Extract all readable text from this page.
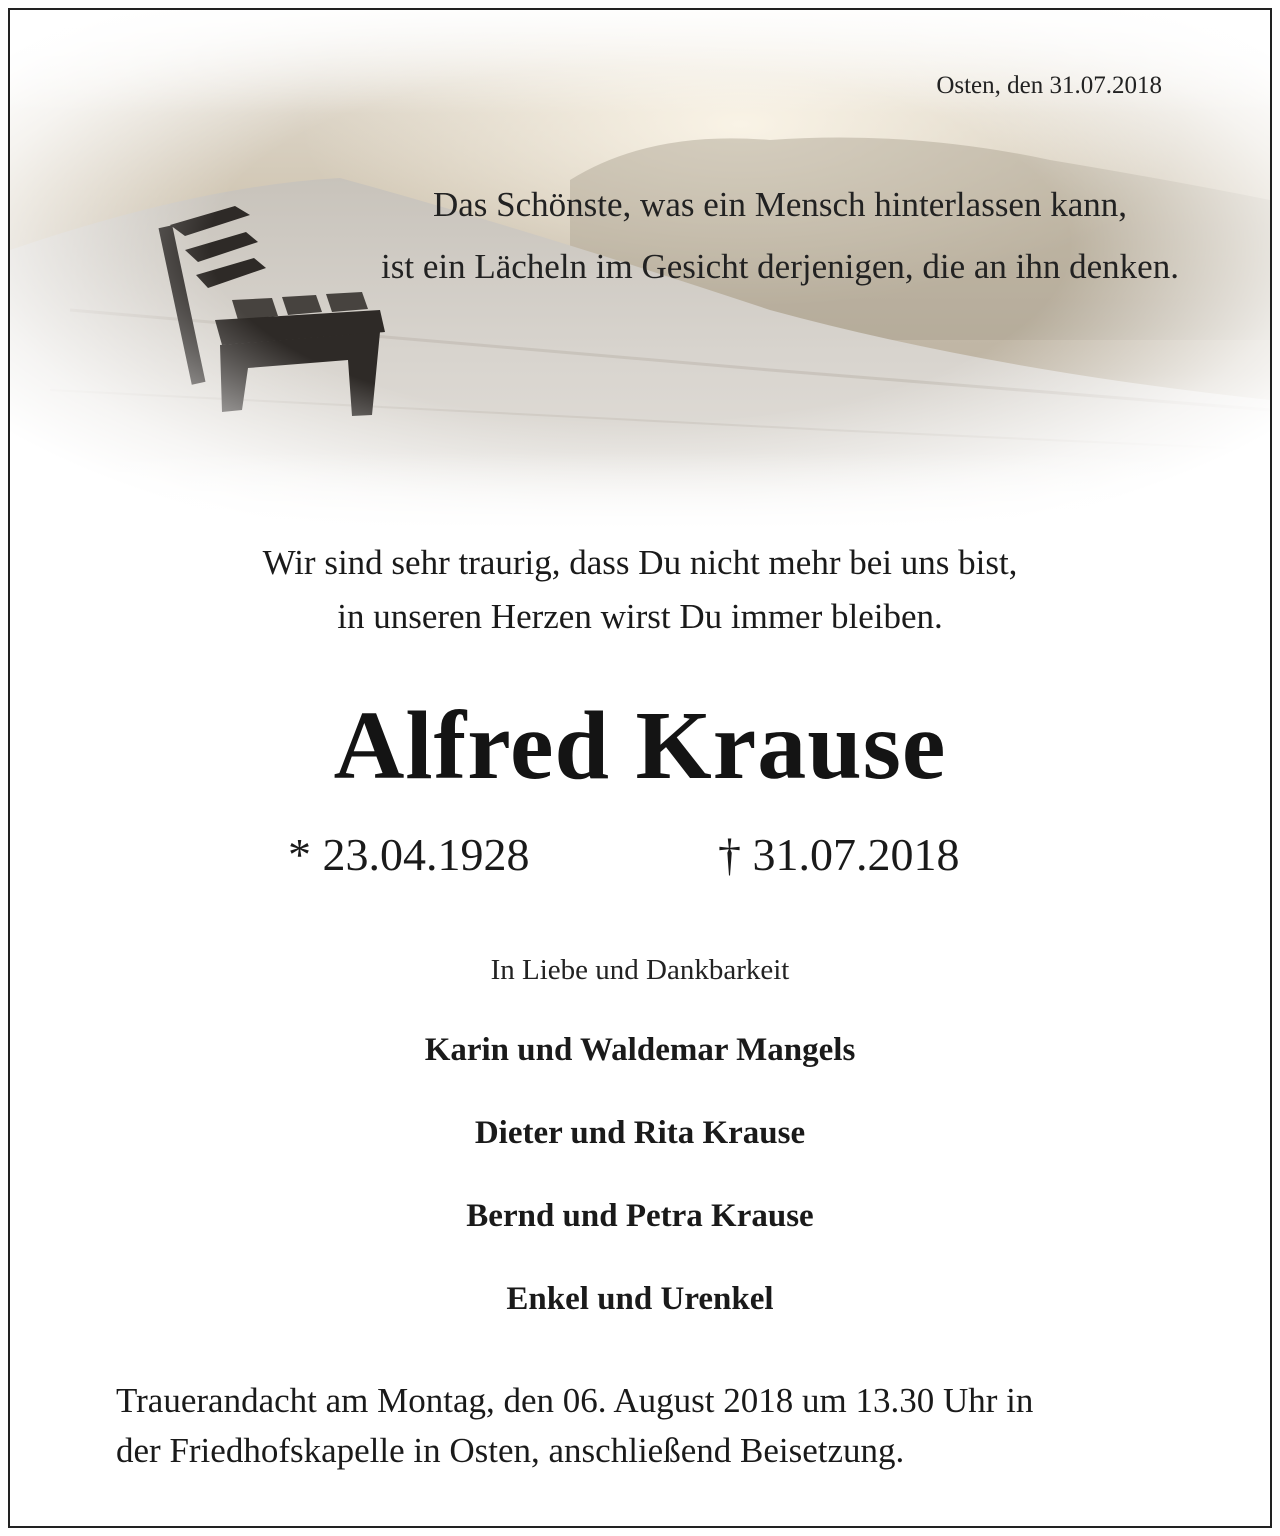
Osten, den 31.07.2018
Das Schönste, was ein Mensch hinterlassen kann,
ist ein Lächeln im Gesicht derjenigen, die an ihn denken.
Wir sind sehr traurig, dass Du nicht mehr bei uns bist,
in unseren Herzen wirst Du immer bleiben.
Alfred Krause
* 23.04.1928	† 31.07.2018
In Liebe und Dankbarkeit
Karin und Waldemar Mangels
Dieter und Rita Krause
Bernd und Petra Krause
Enkel und Urenkel
Trauerandacht am Montag, den 06. August 2018 um 13.30 Uhr in
der Friedhofskapelle in Osten, anschließend Beisetzung.
